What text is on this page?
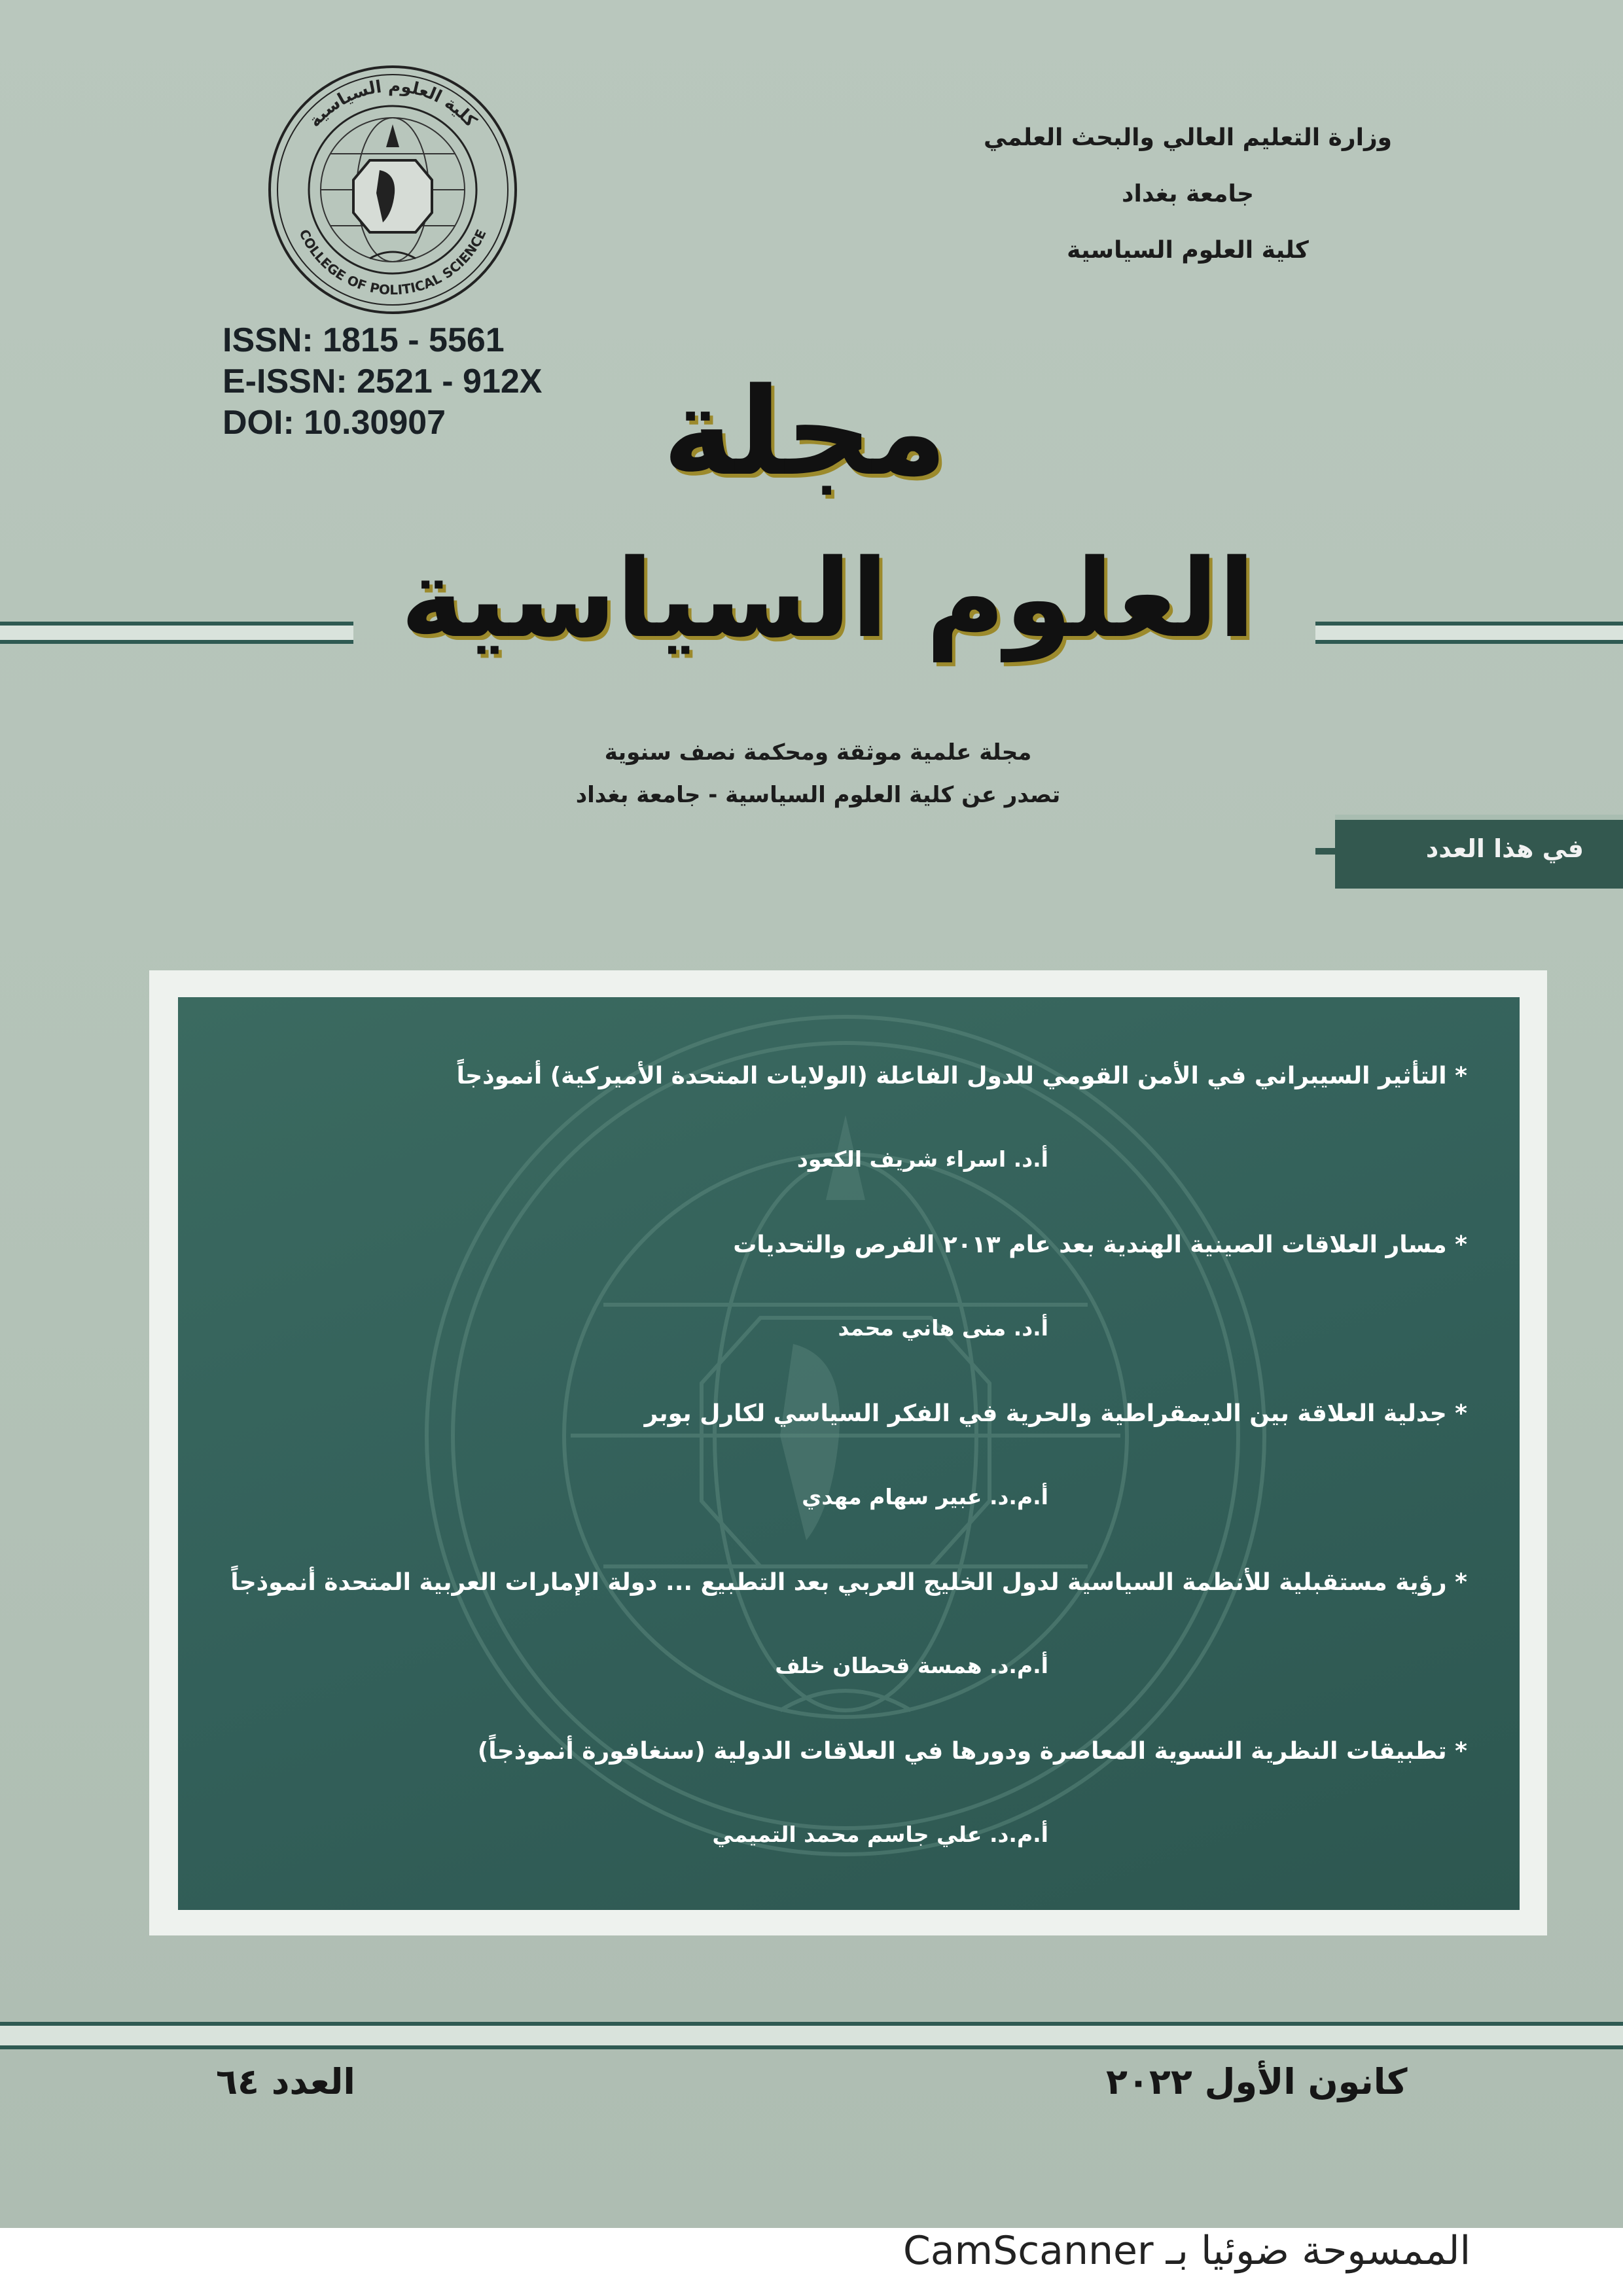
كلية العلوم السياسية
COLLEGE OF POLITICAL SCIENCE
ISSN: 1815 - 5561
E-ISSN: 2521 - 912X
DOI: 10.30907
وزارة التعليم العالي والبحث العلمي
جامعة بغداد
كلية العلوم السياسية
مجلة
العلوم السياسية
مجلة علمية موثقة ومحكمة نصف سنوية
تصدر عن كلية العلوم السياسية - جامعة بغداد
في هذا العدد

* التأثير السيبراني في الأمن القومي للدول الفاعلة (الولايات المتحدة الأميركية) أنموذجاً

أ.د. اسراء شريف الكعود

* مسار العلاقات الصينية الهندية بعد عام ٢٠١٣ الفرص والتحديات

أ.د. منى هاني محمد

* جدلية العلاقة بين الديمقراطية والحرية في الفكر السياسي لكارل بوبر

أ.م.د. عبير سهام مهدي

* رؤية مستقبلية للأنظمة السياسية لدول الخليج العربي بعد التطبيع ... دولة الإمارات العربية المتحدة أنموذجاً

أ.م.د. همسة قحطان خلف

* تطبيقات النظرية النسوية المعاصرة ودورها في العلاقات الدولية (سنغافورة أنموذجاً)

أ.م.د. علي جاسم محمد التميمي

العدد ٦٤	كانون الأول ٢٠٢٢
الممسوحة ضوئيا بـ CamScanner
